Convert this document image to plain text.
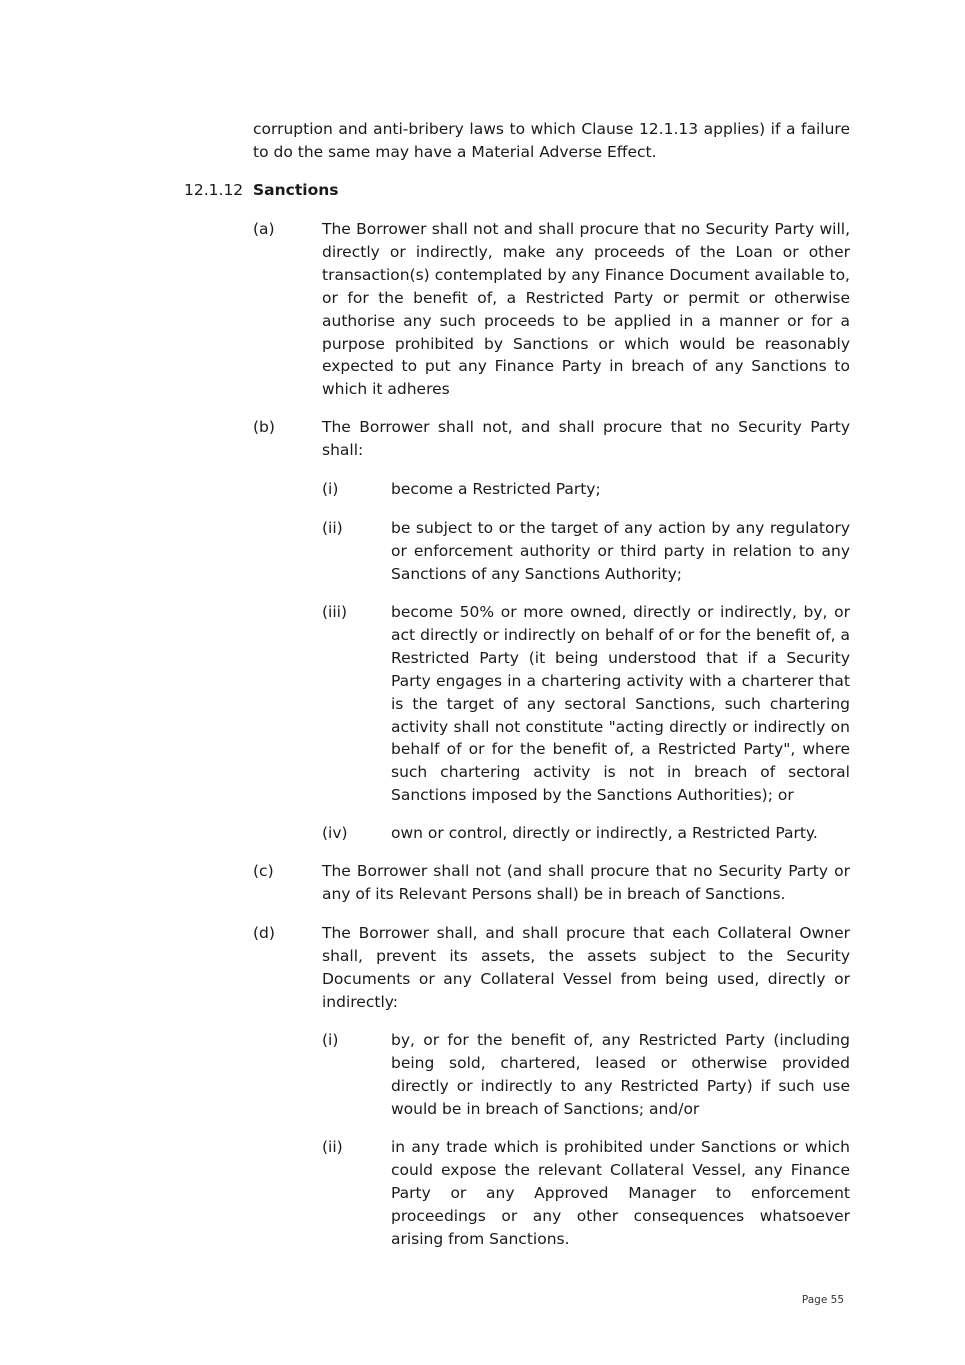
corruption and anti-bribery laws to which Clause 12.1.13 applies) if a failure to do the same may have a Material Adverse Effect.

12.1.12 Sanctions
(a)	The Borrower shall not and shall procure that no Security Party will, directly or indirectly, make any proceeds of the Loan or other transaction(s) contemplated by any Finance Document available to, or for the benefit of, a Restricted Party or permit or otherwise authorise any such proceeds to be applied in a manner or for a purpose prohibited by Sanctions or which would be reasonably expected to put any Finance Party in breach of any Sanctions to which it adheres

(b)	The Borrower shall not, and shall procure that no Security Party shall:

(i)	become a Restricted Party;

(ii)	be subject to or the target of any action by any regulatory or enforcement authority or third party in relation to any Sanctions of any Sanctions Authority;

(iii)	become 50% or more owned, directly or indirectly, by, or act directly or indirectly on behalf of or for the benefit of, a Restricted Party (it being understood that if a Security Party engages in a chartering activity with a charterer that is the target of any sectoral Sanctions, such chartering activity shall not constitute "acting directly or indirectly on behalf of or for the benefit of, a Restricted Party", where such chartering activity is not in breach of sectoral Sanctions imposed by the Sanctions Authorities); or

(iv)	own or control, directly or indirectly, a Restricted Party.

(c)	The Borrower shall not (and shall procure that no Security Party or any of its Relevant Persons shall) be in breach of Sanctions.

(d)	The Borrower shall, and shall procure that each Collateral Owner shall, prevent its assets, the assets subject to the Security Documents or any Collateral Vessel from being used, directly or indirectly:

(i)	by, or for the benefit of, any Restricted Party (including being sold, chartered, leased or otherwise provided directly or indirectly to any Restricted Party) if such use would be in breach of Sanctions; and/or

(ii)	in any trade which is prohibited under Sanctions or which could expose the relevant Collateral Vessel, any Finance Party or any Approved Manager to enforcement proceedings or any other consequences whatsoever arising from Sanctions.

Page 55
